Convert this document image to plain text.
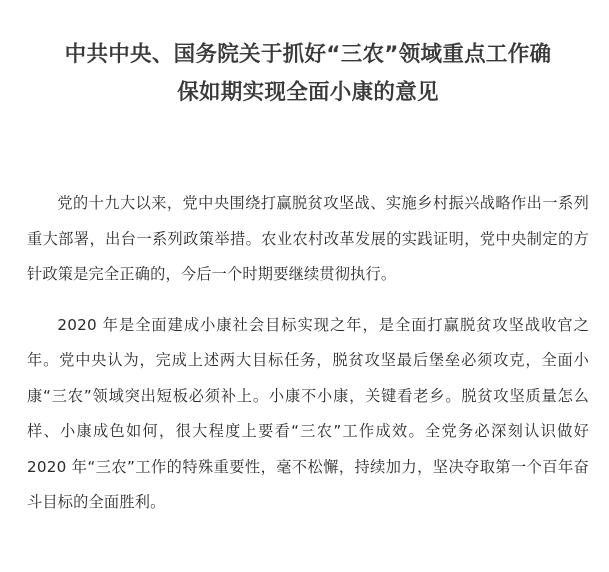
中共中央、国务院关于抓好“三农”领域重点工作确
保如期实现全面小康的意见

党的十九大以来，党中央围绕打赢脱贫攻坚战、实施乡村振兴战略作出一系列重大部署，出台一系列政策举措。农业农村改革发展的实践证明，党中央制定的方针政策是完全正确的，今后一个时期要继续贯彻执行。

2020 年是全面建成小康社会目标实现之年，是全面打赢脱贫攻坚战收官之年。党中央认为，完成上述两大目标任务，脱贫攻坚最后堡垒必须攻克，全面小康“三农”领域突出短板必须补上。小康不小康，关键看老乡。脱贫攻坚质量怎么样、小康成色如何，很大程度上要看“三农”工作成效。全党务必深刻认识做好 2020 年“三农”工作的特殊重要性，毫不松懈，持续加力，坚决夺取第一个百年奋斗目标的全面胜利。
